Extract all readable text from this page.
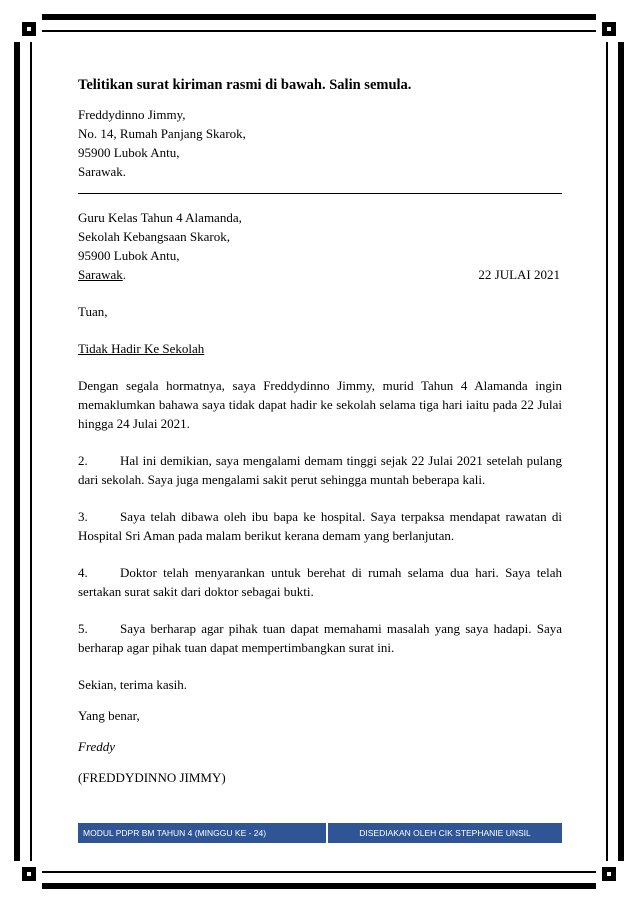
Telitikan surat kiriman rasmi di bawah. Salin semula.
Freddydinno Jimmy,
No. 14, Rumah Panjang Skarok,
95900 Lubok Antu,
Sarawak.
Guru Kelas Tahun 4 Alamanda,
Sekolah Kebangsaan Skarok,
95900 Lubok Antu,
Sarawak.	22 JULAI 2021
Tuan,
Tidak Hadir Ke Sekolah

Dengan segala hormatnya, saya Freddydinno Jimmy, murid Tahun 4 Alamanda ingin memaklumkan bahawa saya tidak dapat hadir ke sekolah selama tiga hari iaitu pada 22 Julai hingga 24 Julai 2021.

2. Hal ini demikian, saya mengalami demam tinggi sejak 22 Julai 2021 setelah pulang dari sekolah. Saya juga mengalami sakit perut sehingga muntah beberapa kali.

3. Saya telah dibawa oleh ibu bapa ke hospital. Saya terpaksa mendapat rawatan di Hospital Sri Aman pada malam berikut kerana demam yang berlanjutan.

4. Doktor telah menyarankan untuk berehat di rumah selama dua hari. Saya telah sertakan surat sakit dari doktor sebagai bukti.

5. Saya berharap agar pihak tuan dapat memahami masalah yang saya hadapi. Saya berharap agar pihak tuan dapat mempertimbangkan surat ini.

Sekian, terima kasih.
Yang benar,
Freddy
(FREDDYDINNO JIMMY)
MODUL PDPR BM TAHUN 4 (MINGGU KE - 24)	DISEDIAKAN OLEH CIK STEPHANIE UNSIL
